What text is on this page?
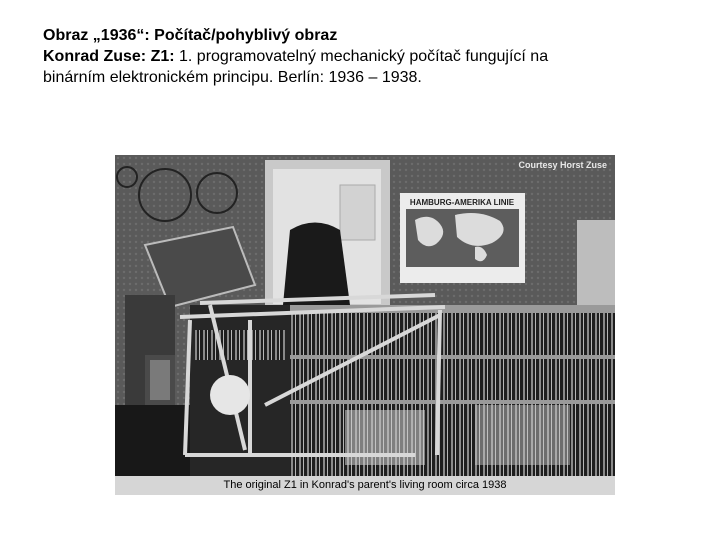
Obraz „1936“: Počítač/pohyblivý obraz
Konrad Zuse: Z1: 1. programovatelný mechanický počítač fungující na
binárním elektronickém principu. Berlín: 1936 – 1938.
HAMBURG-AMERIKA LINIE
Courtesy Horst Zuse
The original Z1 in Konrad's parent's living room circa 1938
